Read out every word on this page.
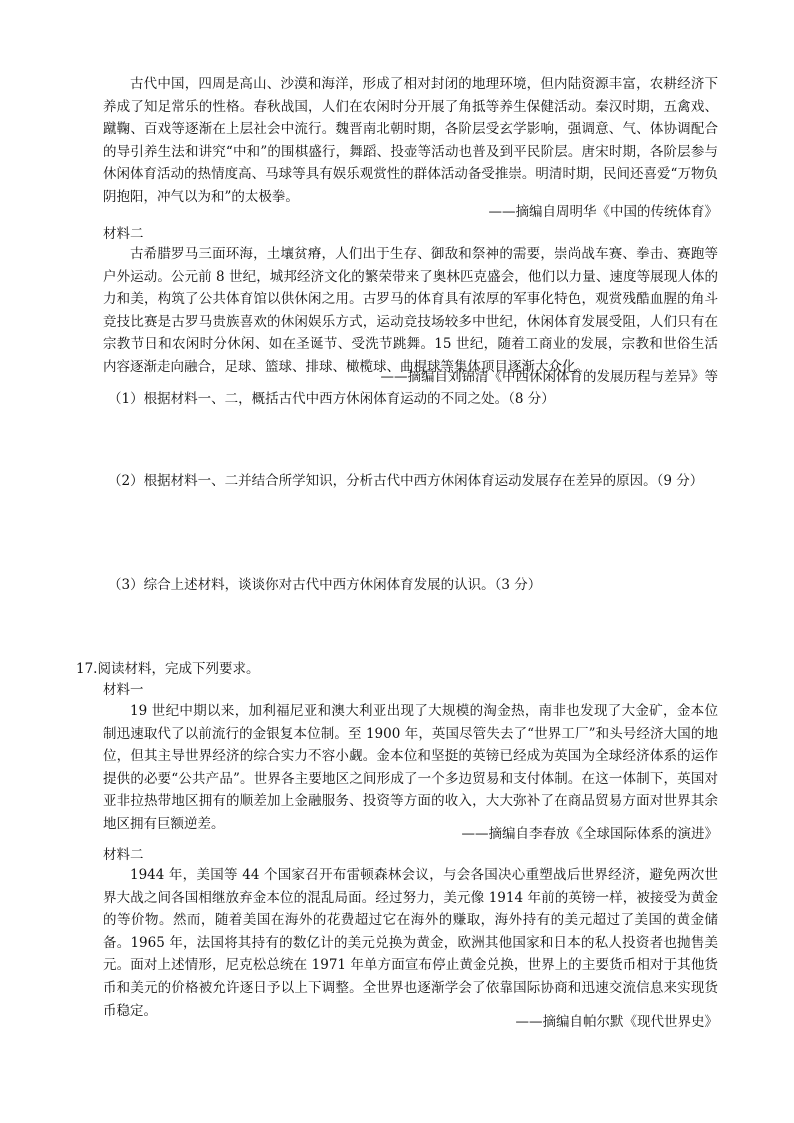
古代中国，四周是高山、沙漠和海洋，形成了相对封闭的地理环境，但内陆资源丰富，农耕经济下养成了知足常乐的性格。春秋战国，人们在农闲时分开展了角抵等养生保健活动。秦汉时期，五禽戏、蹴鞠、百戏等逐渐在上层社会中流行。魏晋南北朝时期，各阶层受玄学影响，强调意、气、体协调配合的导引养生法和讲究“中和”的围棋盛行，舞蹈、投壶等活动也普及到平民阶层。唐宋时期，各阶层参与休闲体育活动的热情度高、马球等具有娱乐观赏性的群体活动备受推崇。明清时期，民间还喜爱“万物负阴抱阳，冲气以为和”的太极拳。

——摘编自周明华《中国的传统体育》

材料二

古希腊罗马三面环海，土壤贫瘠，人们出于生存、御敌和祭神的需要，崇尚战车赛、拳击、赛跑等户外运动。公元前 8 世纪，城邦经济文化的繁荣带来了奥林匹克盛会，他们以力量、速度等展现人体的力和美，构筑了公共体育馆以供休闲之用。古罗马的体育具有浓厚的军事化特色，观赏残酷血腥的角斗竞技比赛是古罗马贵族喜欢的休闲娱乐方式，运动竞技场较多中世纪，休闲体育发展受阻，人们只有在宗教节日和农闲时分休闲、如在圣诞节、受洗节跳舞。15 世纪，随着工商业的发展，宗教和世俗生活内容逐渐走向融合，足球、篮球、排球、橄榄球、曲棍球等集体项目逐渐大众化。

——摘编自刘锦清《中西休闲体育的发展历程与差异》等

（1）根据材料一、二，概括古代中西方休闲体育运动的不同之处。（8 分）

（2）根据材料一、二并结合所学知识，分析古代中西方休闲体育运动发展存在差异的原因。（9 分）

（3）综合上述材料，谈谈你对古代中西方休闲体育发展的认识。（3 分）

17.阅读材料，完成下列要求。

材料一

19 世纪中期以来，加利福尼亚和澳大利亚出现了大规模的淘金热，南非也发现了大金矿，金本位制迅速取代了以前流行的金银复本位制。至 1900 年，英国尽管失去了“世界工厂”和头号经济大国的地位，但其主导世界经济的综合实力不容小觑。金本位和坚挺的英镑已经成为英国为全球经济体系的运作提供的必要“公共产品”。世界各主要地区之间形成了一个多边贸易和支付体制。在这一体制下，英国对亚非拉热带地区拥有的顺差加上金融服务、投资等方面的收入，大大弥补了在商品贸易方面对世界其余地区拥有巨额逆差。

——摘编自李春放《全球国际体系的演进》

材料二

1944 年，美国等 44 个国家召开布雷顿森林会议，与会各国决心重塑战后世界经济，避免两次世界大战之间各国相继放弃金本位的混乱局面。经过努力，美元像 1914 年前的英镑一样，被接受为黄金的等价物。然而，随着美国在海外的花费超过它在海外的赚取，海外持有的美元超过了美国的黄金储备。1965 年，法国将其持有的数亿计的美元兑换为黄金，欧洲其他国家和日本的私人投资者也抛售美元。面对上述情形，尼克松总统在 1971 年单方面宣布停止黄金兑换，世界上的主要货币相对于其他货币和美元的价格被允许逐日予以上下调整。全世界也逐渐学会了依靠国际协商和迅速交流信息来实现货币稳定。

——摘编自帕尔默《现代世界史》
